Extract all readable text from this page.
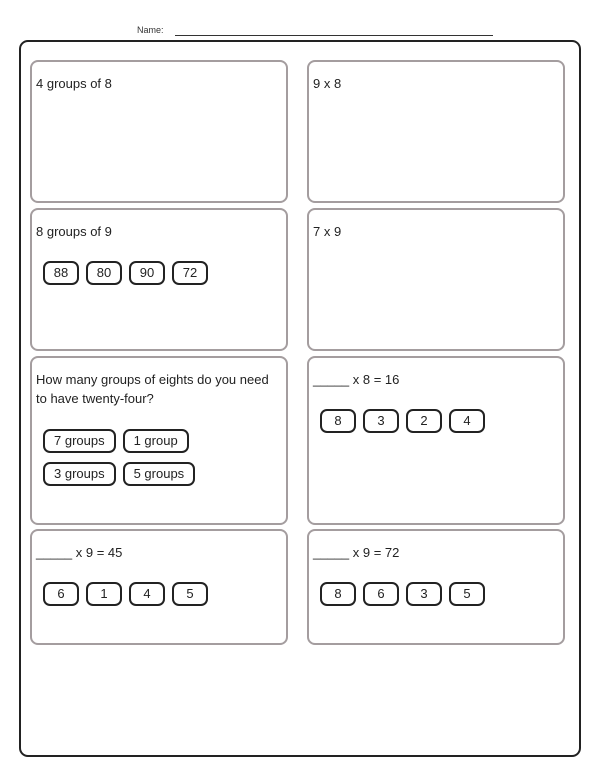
Name:
4 groups of 8	9 x 8
8 groups of 9
88	80	90	72
7 x 9
How many groups of eights do you need to have twenty-four?
7 groups	1 group
3 groups	5 groups
_____ x 8 = 16
8	3	2	4
_____ x 9 = 45
6	1	4	5
_____ x 9 = 72
8	6	3	5
